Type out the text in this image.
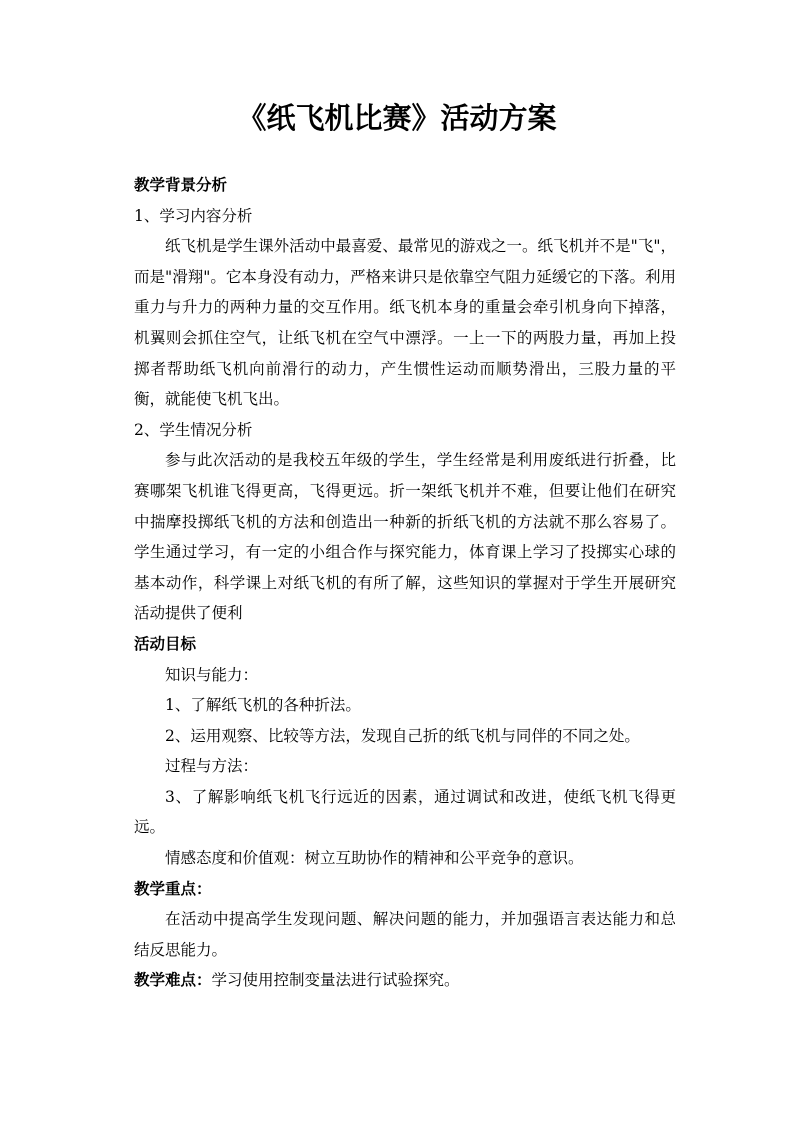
《纸飞机比赛》活动方案

教学背景分析

1、学习内容分析

纸飞机是学生课外活动中最喜爱、最常见的游戏之一。纸飞机并不是"飞"，而是"滑翔"。它本身没有动力，严格来讲只是依靠空气阻力延缓它的下落。利用重力与升力的两种力量的交互作用。纸飞机本身的重量会牵引机身向下掉落，机翼则会抓住空气，让纸飞机在空气中漂浮。一上一下的两股力量，再加上投掷者帮助纸飞机向前滑行的动力，产生惯性运动而顺势滑出，三股力量的平衡，就能使飞机飞出。

2、学生情况分析

参与此次活动的是我校五年级的学生，学生经常是利用废纸进行折叠，比赛哪架飞机谁飞得更高，飞得更远。折一架纸飞机并不难，但要让他们在研究中揣摩投掷纸飞机的方法和创造出一种新的折纸飞机的方法就不那么容易了。学生通过学习，有一定的小组合作与探究能力，体育课上学习了投掷实心球的基本动作，科学课上对纸飞机的有所了解，这些知识的掌握对于学生开展研究活动提供了便利

活动目标

知识与能力：

1、了解纸飞机的各种折法。

2、运用观察、比较等方法，发现自己折的纸飞机与同伴的不同之处。

过程与方法：

3、了解影响纸飞机飞行远近的因素，通过调试和改进，使纸飞机飞得更远。

情感态度和价值观：树立互助协作的精神和公平竞争的意识。

教学重点：

在活动中提高学生发现问题、解决问题的能力，并加强语言表达能力和总结反思能力。

教学难点：学习使用控制变量法进行试验探究。
